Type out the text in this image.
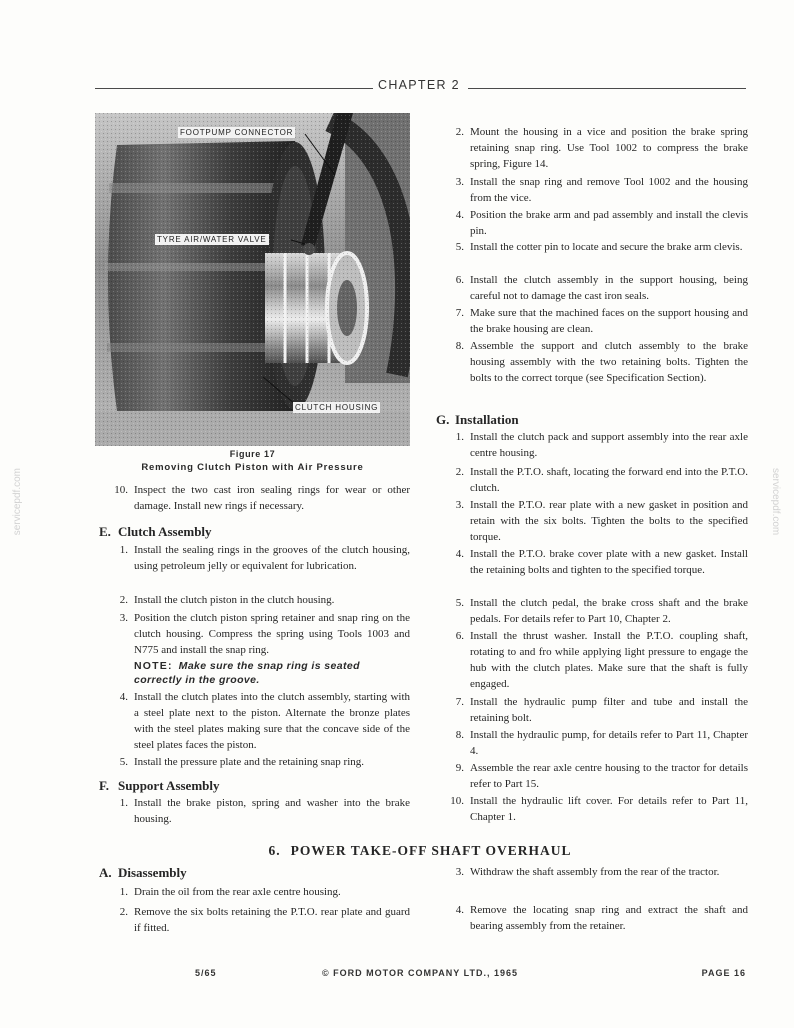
servicepdf.com	servicepdf.com
CHAPTER 2
FOOTPUMP CONNECTOR
TYRE AIR/WATER VALVE
CLUTCH HOUSING
Figure 17
Removing Clutch Piston with Air Pressure
10. Inspect the two cast iron sealing rings for wear or other damage. Install new rings if necessary.
E. Clutch Assembly
1. Install the sealing rings in the grooves of the clutch housing, using petroleum jelly or equivalent for lubrication.
2. Install the clutch piston in the clutch housing.
3. Position the clutch piston spring retainer and snap ring on the clutch housing. Compress the spring using Tools 1003 and N775 and install the snap ring.
NOTE: Make sure the snap ring is seated correctly in the groove.
4. Install the clutch plates into the clutch assembly, starting with a steel plate next to the piston. Alternate the bronze plates with the steel plates making sure that the concave side of the steel plates faces the piston.
5. Install the pressure plate and the retaining snap ring.
F. Support Assembly
1. Install the brake piston, spring and washer into the brake housing.
2. Mount the housing in a vice and position the brake spring retaining snap ring. Use Tool 1002 to compress the brake spring, Figure 14.
3. Install the snap ring and remove Tool 1002 and the housing from the vice.
4. Position the brake arm and pad assembly and install the clevis pin.
5. Install the cotter pin to locate and secure the brake arm clevis.
6. Install the clutch assembly in the support housing, being careful not to damage the cast iron seals.
7. Make sure that the machined faces on the support housing and the brake housing are clean.
8. Assemble the support and clutch assembly to the brake housing assembly with the two retaining bolts. Tighten the bolts to the correct torque (see Specification Section).
G. Installation
1. Install the clutch pack and support assembly into the rear axle centre housing.
2. Install the P.T.O. shaft, locating the forward end into the P.T.O. clutch.
3. Install the P.T.O. rear plate with a new gasket in position and retain with the six bolts. Tighten the bolts to the specified torque.
4. Install the P.T.O. brake cover plate with a new gasket. Install the retaining bolts and tighten to the specified torque.
5. Install the clutch pedal, the brake cross shaft and the brake pedals. For details refer to Part 10, Chapter 2.
6. Install the thrust washer. Install the P.T.O. coupling shaft, rotating to and fro while applying light pressure to engage the hub with the clutch plates. Make sure that the shaft is fully engaged.
7. Install the hydraulic pump filter and tube and install the retaining bolt.
8. Install the hydraulic pump, for details refer to Part 11, Chapter 4.
9. Assemble the rear axle centre housing to the tractor for details refer to Part 15.
10. Install the hydraulic lift cover. For details refer to Part 11, Chapter 1.
6. POWER TAKE-OFF SHAFT OVERHAUL
A. Disassembly
1. Drain the oil from the rear axle centre housing.
2. Remove the six bolts retaining the P.T.O. rear plate and guard if fitted.
3. Withdraw the shaft assembly from the rear of the tractor.
4. Remove the locating snap ring and extract the shaft and bearing assembly from the retainer.
5/65	© FORD MOTOR COMPANY LTD., 1965	PAGE 16
